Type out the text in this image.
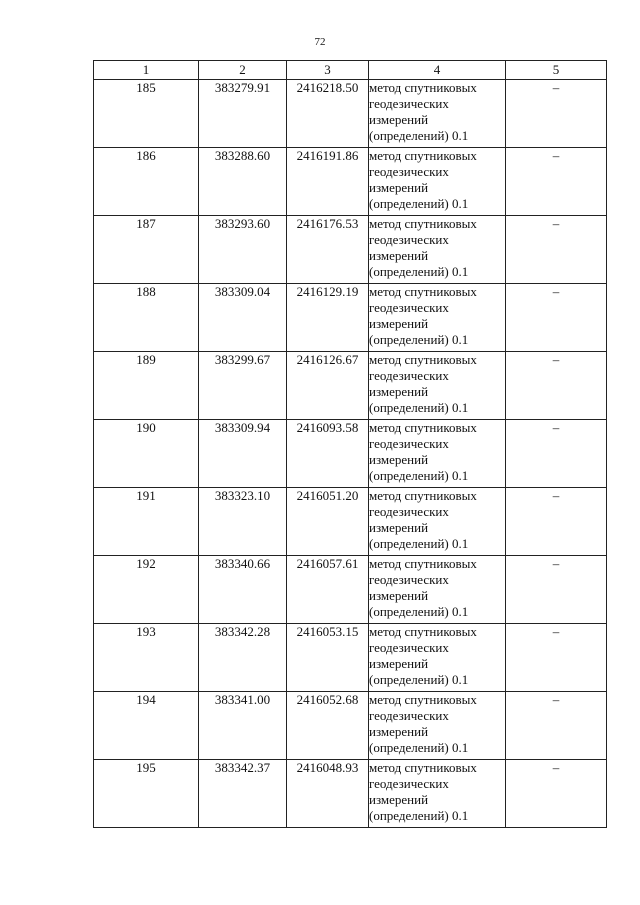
72
1	2	3	4	5
185	383279.91	2416218.50	метод спутниковых
геодезических
измерений
(определений) 0.1	–
186	383288.60	2416191.86	метод спутниковых
геодезических
измерений
(определений) 0.1	–
187	383293.60	2416176.53	метод спутниковых
геодезических
измерений
(определений) 0.1	–
188	383309.04	2416129.19	метод спутниковых
геодезических
измерений
(определений) 0.1	–
189	383299.67	2416126.67	метод спутниковых
геодезических
измерений
(определений) 0.1	–
190	383309.94	2416093.58	метод спутниковых
геодезических
измерений
(определений) 0.1	–
191	383323.10	2416051.20	метод спутниковых
геодезических
измерений
(определений) 0.1	–
192	383340.66	2416057.61	метод спутниковых
геодезических
измерений
(определений) 0.1	–
193	383342.28	2416053.15	метод спутниковых
геодезических
измерений
(определений) 0.1	–
194	383341.00	2416052.68	метод спутниковых
геодезических
измерений
(определений) 0.1	–
195	383342.37	2416048.93	метод спутниковых
геодезических
измерений
(определений) 0.1	–
